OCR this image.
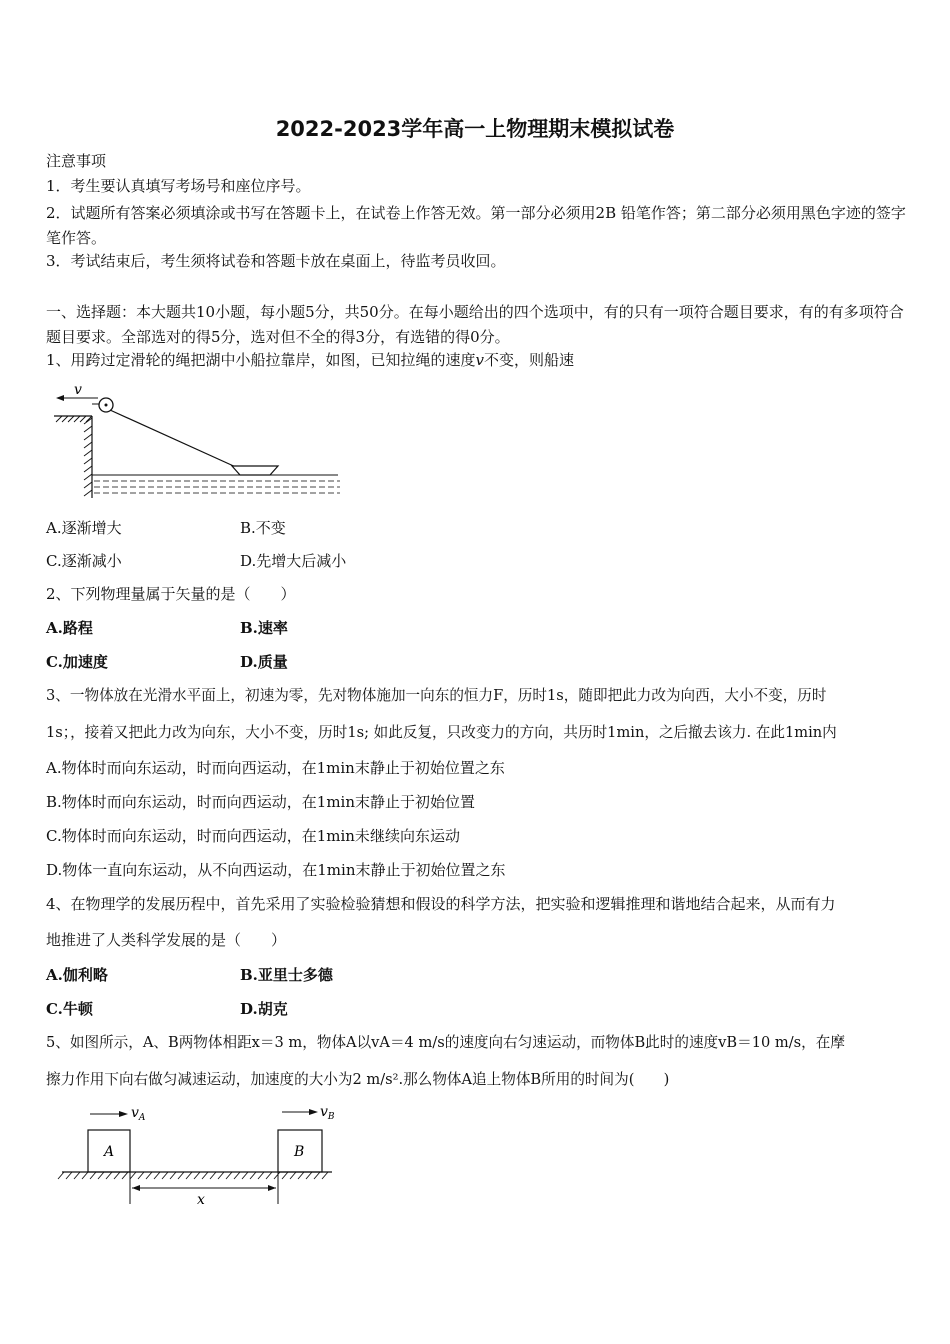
2022-2023学年高一上物理期末模拟试卷
注意事项
1．考生要认真填写考场号和座位序号。
2．试题所有答案必须填涂或书写在答题卡上，在试卷上作答无效。第一部分必须用2B 铅笔作答；第二部分必须用黑色字迹的签字笔作答。
3．考试结束后，考生须将试卷和答题卡放在桌面上，待监考员收回。
一、选择题：本大题共10小题，每小题5分，共50分。在每小题给出的四个选项中，有的只有一项符合题目要求，有的有多项符合题目要求。全部选对的得5分，选对但不全的得3分，有选错的得0分。
1、用跨过定滑轮的绳把湖中小船拉靠岸，如图，已知拉绳的速度v不变，则船速
v
A.逐渐增大	B.不变
C.逐渐减小	D.先增大后减小
2、下列物理量属于矢量的是（　　）
A.路程	B.速率
C.加速度	D.质量
3、一物体放在光滑水平面上，初速为零，先对物体施加一向东的恒力F，历时1s，随即把此力改为向西，大小不变，历时
1s；，接着又把此力改为向东，大小不变，历时1s; 如此反复，只改变力的方向，共历时1min，之后撤去该力. 在此1min内
A.物体时而向东运动，时而向西运动，在1min末静止于初始位置之东
B.物体时而向东运动，时而向西运动，在1min末静止于初始位置
C.物体时而向东运动，时而向西运动，在1min未继续向东运动
D.物体一直向东运动，从不向西运动，在1min末静止于初始位置之东
4、在物理学的发展历程中，首先采用了实验检验猜想和假设的科学方法，把实验和逻辑推理和谐地结合起来，从而有力
地推进了人类科学发展的是（　　）
A.伽利略	B.亚里士多德
C.牛顿	D.胡克
5、如图所示，A、B两物体相距x＝3 m，物体A以vA＝4 m/s的速度向右匀速运动，而物体B此时的速度vB＝10 m/s，在摩
擦力作用下向右做匀减速运动，加速度的大小为2 m/s².那么物体A追上物体B所用的时间为(　　)
$v_A$	$v_B$
A	B
x
